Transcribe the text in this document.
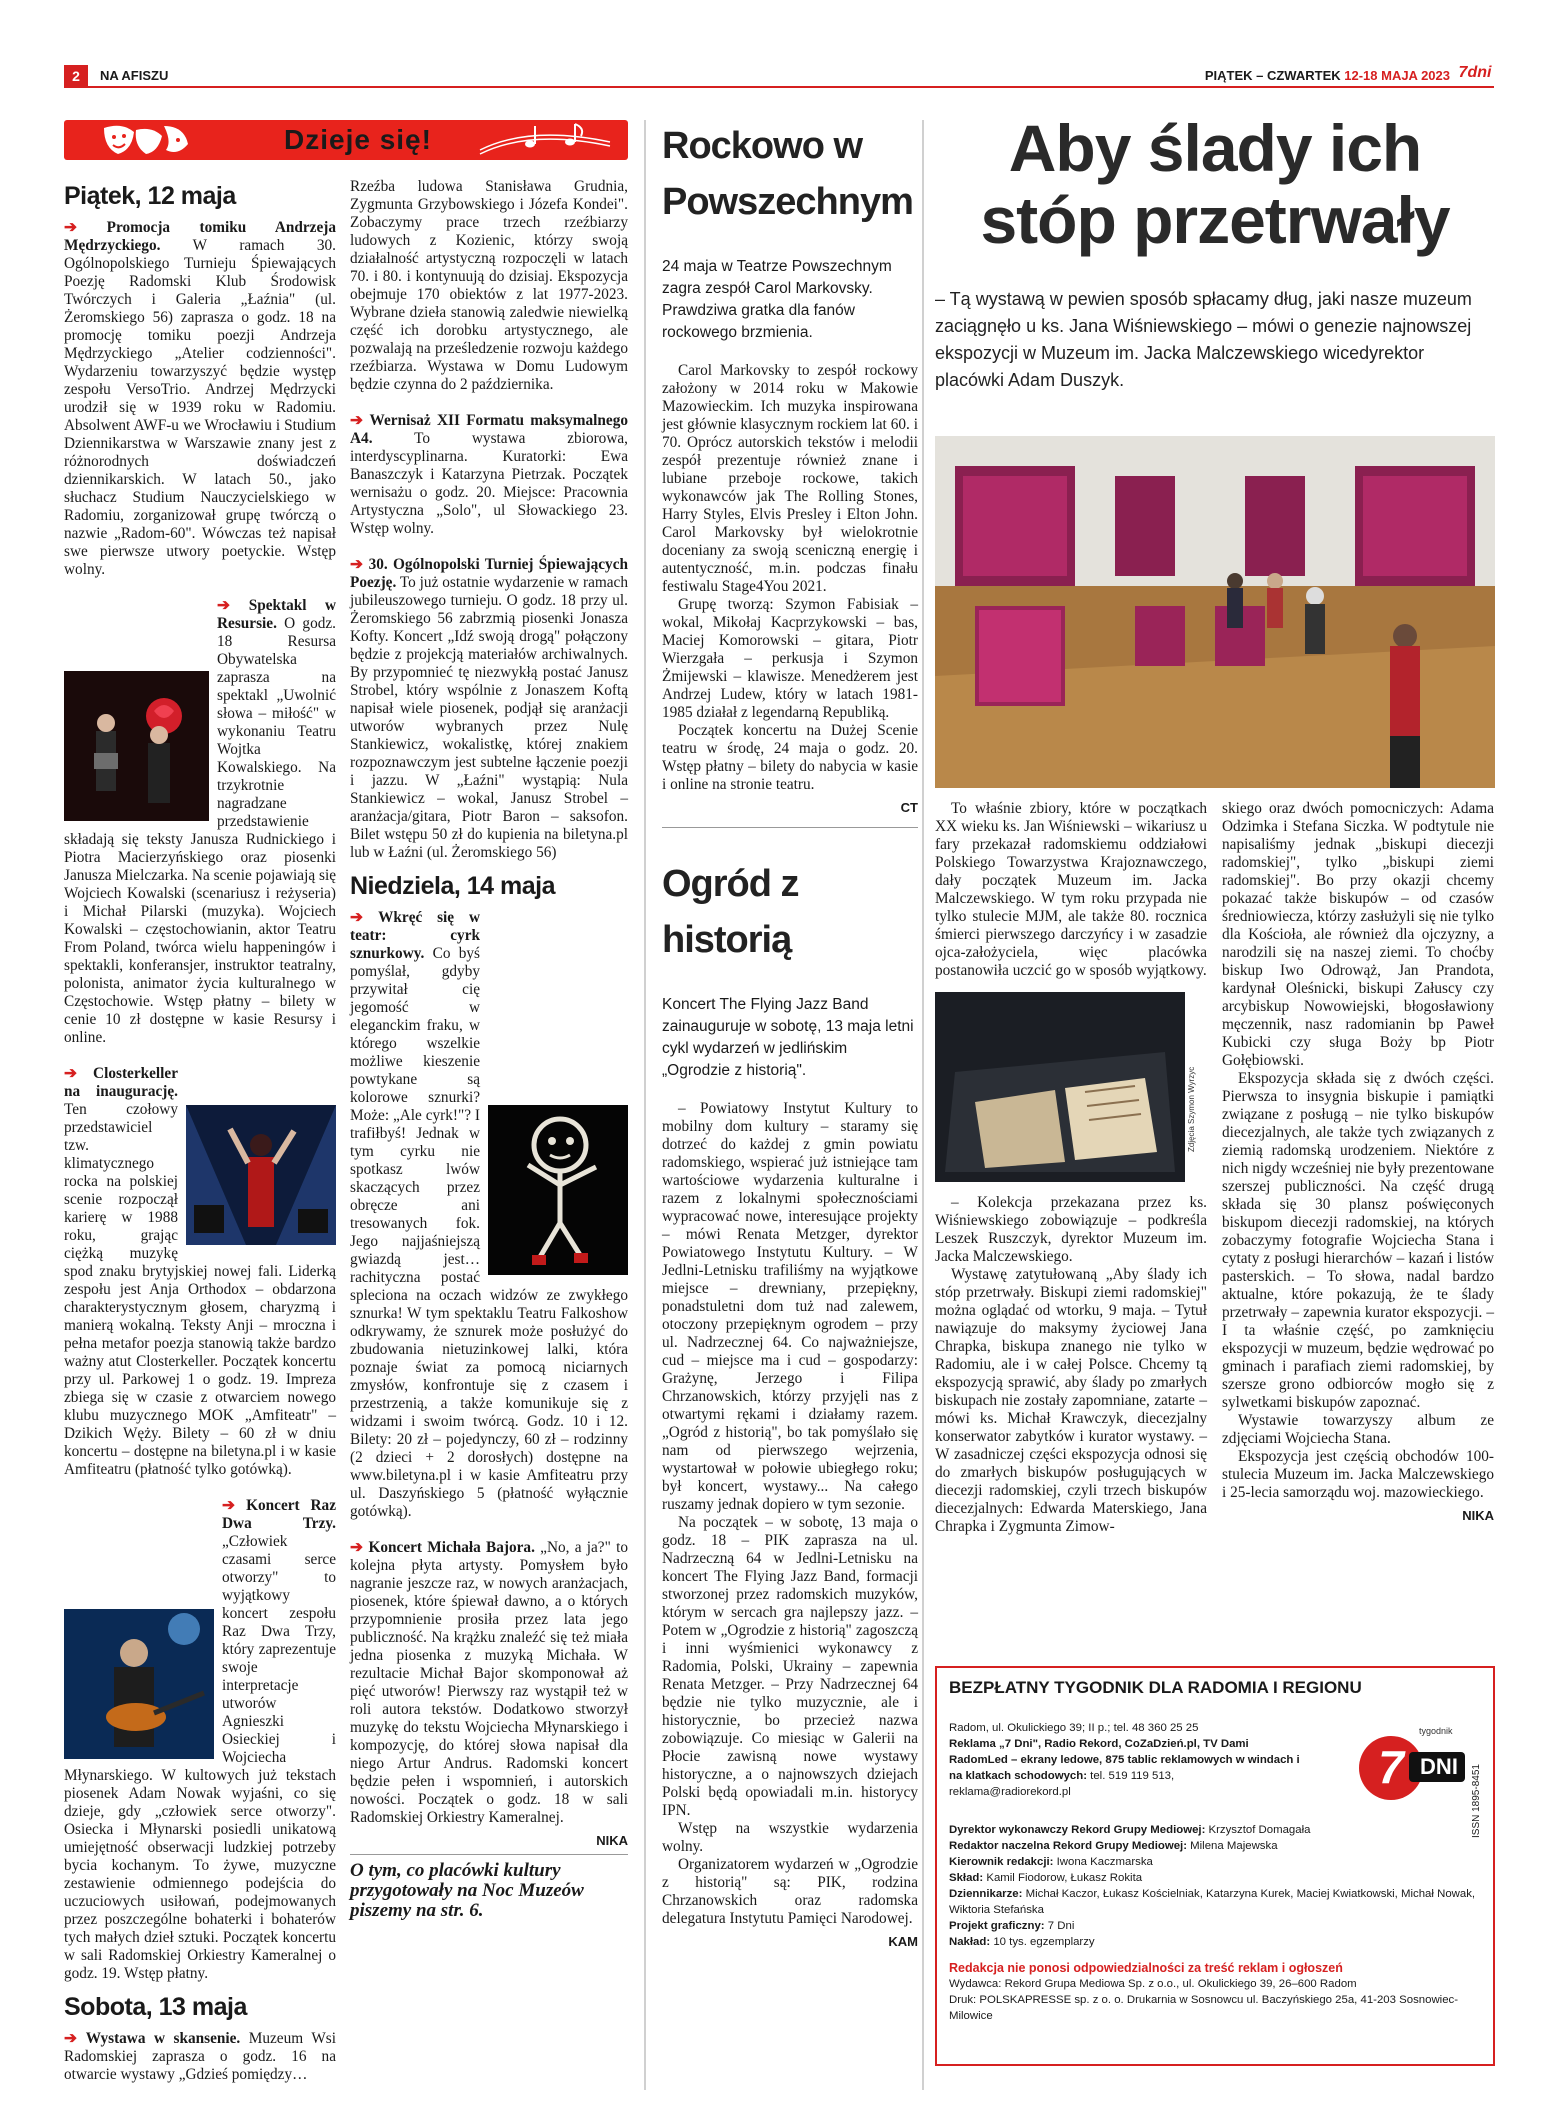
2	NA AFISZU	PIĄTEK – CZWARTEK 12-18 MAJA 2023 7dni
Dzieje się!
Piątek, 12 maja

➔ Promocja tomiku Andrzeja Mędrzyckiego. W ramach 30. Ogólnopolskiego Turnieju Śpiewających Poezję Radomski Klub Środowisk Twórczych i Galeria „Łaźnia" (ul. Żeromskiego 56) zaprasza o godz. 18 na promocję tomiku poezji Andrzeja Mędrzyckiego „Atelier codzienności". Wydarzeniu towarzyszyć będzie występ zespołu VersoTrio. Andrzej Mędrzycki urodził się w 1939 roku w Radomiu. Absolwent AWF-u we Wrocławiu i Studium Dziennikarstwa w Warszawie znany jest z różnorodnych doświadczeń dziennikarskich. W latach 50., jako słuchacz Studium Nauczycielskiego w Radomiu, zorganizował grupę twórczą o nazwie „Radom-60". Wówczas też napisał swe pierwsze utwory poetyckie. Wstęp wolny.

➔ Spektakl w Resursie. O godz. 18 Resursa Obywatelska zaprasza na spektakl „Uwolnić słowa – miłość" w wykonaniu Teatru Wojtka Kowalskiego. Na trzykrotnie nagradzane przedstawienie składają się teksty Janusza Rudnickiego i Piotra Macierzyńskiego oraz piosenki Janusza Mielczarka. Na scenie pojawiają się Wojciech Kowalski (scenariusz i reżyseria) i Michał Pilarski (muzyka). Wojciech Kowalski – częstochowianin, aktor Teatru From Poland, twórca wielu happeningów i spektakli, konferansjer, instruktor teatralny, polonista, animator życia kulturalnego w Częstochowie. Wstęp płatny – bilety w cenie 10 zł dostępne w kasie Resursy i online.

➔ Closterkeller na inaugurację. Ten czołowy przedstawiciel tzw. klimatycznego rocka na polskiej scenie rozpoczął karierę w 1988 roku, grając ciężką muzykę spod znaku brytyjskiej nowej fali. Liderką zespołu jest Anja Orthodox – obdarzona charakterystycznym głosem, charyzmą i manierą wokalną. Teksty Anji – mroczna i pełna metafor poezja stanowią także bardzo ważny atut Closterkeller. Początek koncertu przy ul. Parkowej 1 o godz. 19. Impreza zbiega się w czasie z otwarciem nowego klubu muzycznego MOK „Amfiteatr" – Dzikich Węży. Bilety – 60 zł w dniu koncertu – dostępne na biletyna.pl i w kasie Amfiteatru (płatność tylko gotówką).

➔ Koncert Raz Dwa Trzy. „Człowiek czasami serce otworzy" to wyjątkowy koncert zespołu Raz Dwa Trzy, który zaprezentuje swoje interpretacje utworów Agnieszki Osieckiej i Wojciecha Młynarskiego. W kultowych już tekstach piosenek Adam Nowak wyjaśni, co się dzieje, gdy „człowiek serce otworzy". Osiecka i Młynarski posiedli unikatową umiejętność obserwacji ludzkiej potrzeby bycia kochanym. To żywe, muzyczne zestawienie odmiennego podejścia do uczuciowych usiłowań, podejmowanych przez poszczególne bohaterki i bohaterów tych małych dzieł sztuki. Początek koncertu w sali Radomskiej Orkiestry Kameralnej o godz. 19. Wstęp płatny.

Sobota, 13 maja

➔ Wystawa w skansenie. Muzeum Wsi Radomskiej zaprasza o godz. 16 na otwarcie wystawy „Gdzieś pomiędzy…

Rzeźba ludowa Stanisława Grudnia, Zygmunta Grzybowskiego i Józefa Kondei". Zobaczymy prace trzech rzeźbiarzy ludowych z Kozienic, którzy swoją działalność artystyczną rozpoczęli w latach 70. i 80. i kontynuują do dzisiaj. Ekspozycja obejmuje 170 obiektów z lat 1977-2023. Wybrane dzieła stanowią zaledwie niewielką część ich dorobku artystycznego, ale pozwalają na prześledzenie rozwoju każdego rzeźbiarza. Wystawa w Domu Ludowym będzie czynna do 2 października.

➔ Wernisaż XII Formatu maksymalnego A4. To wystawa zbiorowa, interdyscyplinarna. Kuratorki: Ewa Banaszczyk i Katarzyna Pietrzak. Początek wernisażu o godz. 20. Miejsce: Pracownia Artystyczna „Solo", ul Słowackiego 23. Wstęp wolny.

➔ 30. Ogólnopolski Turniej Śpiewających Poezję. To już ostatnie wydarzenie w ramach jubileuszowego turnieju. O godz. 18 przy ul. Żeromskiego 56 zabrzmią piosenki Jonasza Kofty. Koncert „Idź swoją drogą" połączony będzie z projekcją materiałów archiwalnych. By przypomnieć tę niezwykłą postać Janusz Strobel, który wspólnie z Jonaszem Koftą napisał wiele piosenek, podjął się aranżacji utworów wybranych przez Nulę Stankiewicz, wokalistkę, której znakiem rozpoznawczym jest subtelne łączenie poezji i jazzu. W „Łaźni" wystąpią: Nula Stankiewicz – wokal, Janusz Strobel – aranżacja/gitara, Piotr Baron – saksofon. Bilet wstępu 50 zł do kupienia na biletyna.pl lub w Łaźni (ul. Żeromskiego 56)

Niedziela, 14 maja

➔ Wkręć się w teatr: cyrk sznurkowy. Co byś pomyślał, gdyby przywitał cię jegomość w eleganckim fraku, w którego wszelkie możliwe kieszenie powtykane są kolorowe sznurki? Może: „Ale cyrk!"? I trafiłbyś! Jednak w tym cyrku nie spotkasz lwów skaczących przez obręcze ani tresowanych fok. Jego najjaśniejszą gwiazdą jest… rachityczna postać spleciona na oczach widzów ze zwykłego sznurka! W tym spektaklu Teatru Falkoshow odkrywamy, że sznurek może posłużyć do zbudowania nietuzinkowej lalki, która poznaje świat za pomocą niciarnych zmysłów, konfrontuje się z czasem i przestrzenią, a także komunikuje się z widzami i swoim twórcą. Godz. 10 i 12. Bilety: 20 zł – pojedynczy, 60 zł – rodzinny (2 dzieci + 2 dorosłych) dostępne na www.biletyna.pl i w kasie Amfiteatru przy ul. Daszyńskiego 5 (płatność wyłącznie gotówką).

➔ Koncert Michała Bajora. „No, a ja?" to kolejna płyta artysty. Pomysłem było nagranie jeszcze raz, w nowych aranżacjach, piosenek, które śpiewał dawno, a o których przypomnienie prosiła przez lata jego publiczność. Na krążku znaleźć się też miała jedna piosenka z muzyką Michała. W rezultacie Michał Bajor skomponował aż pięć utworów! Pierwszy raz wystąpił też w roli autora tekstów. Dodatkowo stworzył muzykę do tekstu Wojciecha Młynarskiego i kompozycję, do której słowa napisał dla niego Artur Andrus. Radomski koncert będzie pełen i wspomnień, i autorskich nowości. Początek o godz. 18 w sali Radomskiej Orkiestry Kameralnej.

NIKA
O tym, co placówki kultury przygotowały na Noc Muzeów piszemy na str. 6.
Rockowo w Powszechnym
24 maja w Teatrze Powszechnym zagra zespół Carol Markovsky. Prawdziwa gratka dla fanów rockowego brzmienia.

Carol Markovsky to zespół rockowy założony w 2014 roku w Makowie Mazowieckim. Ich muzyka inspirowana jest głównie klasycznym rockiem lat 60. i 70. Oprócz autorskich tekstów i melodii zespół prezentuje również znane i lubiane przeboje rockowe, takich wykonawców jak The Rolling Stones, Harry Styles, Elvis Presley i Elton John. Carol Markovsky był wielokrotnie doceniany za swoją sceniczną energię i autentyczność, m.in. podczas finału festiwalu Stage4You 2021.

Grupę tworzą: Szymon Fabisiak – wokal, Mikołaj Kacprzykowski – bas, Maciej Komorowski – gitara, Piotr Wierzgała – perkusja i Szymon Żmijewski – klawisze. Menedżerem jest Andrzej Ludew, który w latach 1981-1985 działał z legendarną Republiką.

Początek koncertu na Dużej Scenie teatru w środę, 24 maja o godz. 20. Wstęp płatny – bilety do nabycia w kasie i online na stronie teatru.

CT
Ogród z historią
Koncert The Flying Jazz Band zainauguruje w sobotę, 13 maja letni cykl wydarzeń w jedlińskim „Ogrodzie z historią".

– Powiatowy Instytut Kultury to mobilny dom kultury – staramy się dotrzeć do każdej z gmin powiatu radomskiego, wspierać już istniejące tam wartościowe wydarzenia kulturalne i razem z lokalnymi społecznościami wypracować nowe, interesujące projekty – mówi Renata Metzger, dyrektor Powiatowego Instytutu Kultury. – W Jedlni-Letnisku trafiliśmy na wyjątkowe miejsce – drewniany, przepiękny, ponadstuletni dom tuż nad zalewem, otoczony przepięknym ogrodem – przy ul. Nadrzecznej 64. Co najważniejsze, cud – miejsce ma i cud – gospodarzy: Grażynę, Jerzego i Filipa Chrzanowskich, którzy przyjęli nas z otwartymi rękami i działamy razem. „Ogród z historią", bo tak pomyślało się nam od pierwszego wejrzenia, wystartował w połowie ubiegłego roku; był koncert, wystawy... Na całego ruszamy jednak dopiero w tym sezonie.

Na początek – w sobotę, 13 maja o godz. 18 – PIK zaprasza na ul. Nadrzeczną 64 w Jedlni-Letnisku na koncert The Flying Jazz Band, formacji stworzonej przez radomskich muzyków, którym w sercach gra najlepszy jazz. – Potem w „Ogrodzie z historią" zagoszczą i inni wyśmienici wykonawcy z Radomia, Polski, Ukrainy – zapewnia Renata Metzger. – Przy Nadrzecznej 64 będzie nie tylko muzycznie, ale i historycznie, bo przecież nazwa zobowiązuje. Co miesiąc w Galerii na Płocie zawisną nowe wystawy historyczne, a o najnowszych dziejach Polski będą opowiadali m.in. historycy IPN.

Wstęp na wszystkie wydarzenia wolny.

Organizatorem wydarzeń w „Ogrodzie z historią" są: PIK, rodzina Chrzanowskich oraz radomska delegatura Instytutu Pamięci Narodowej.

KAM
Aby ślady ich stóp przetrwały
– Tą wystawą w pewien sposób spłacamy dług, jaki nasze muzeum zaciągnęło u ks. Jana Wiśniewskiego – mówi o genezie najnowszej ekspozycji w Muzeum im. Jacka Malczewskiego wicedyrektor placówki Adam Duszyk.

To właśnie zbiory, które w początkach XX wieku ks. Jan Wiśniewski – wikariusz u fary przekazał radomskiemu oddziałowi Polskiego Towarzystwa Krajoznawczego, dały początek Muzeum im. Jacka Malczewskiego. W tym roku przypada nie tylko stulecie MJM, ale także 80. rocznica śmierci pierwszego darczyńcy i w zasadzie ojca-założyciela, więc placówka postanowiła uczcić go w sposób wyjątkowy.

Zdjęcia Szymon Wyrzyc

– Kolekcja przekazana przez ks. Wiśniewskiego zobowiązuje – podkreśla Leszek Ruszczyk, dyrektor Muzeum im. Jacka Malczewskiego.

Wystawę zatytułowaną „Aby ślady ich stóp przetrwały. Biskupi ziemi radomskiej" można oglądać od wtorku, 9 maja. – Tytuł nawiązuje do maksymy życiowej Jana Chrapka, biskupa znanego nie tylko w Radomiu, ale i w całej Polsce. Chcemy tą ekspozycją sprawić, aby ślady po zmarłych biskupach nie zostały zapomniane, zatarte – mówi ks. Michał Krawczyk, diecezjalny konserwator zabytków i kurator wystawy. – W zasadniczej części ekspozycja odnosi się do zmarłych biskupów posługujących w diecezji radomskiej, czyli trzech biskupów diecezjalnych: Edwarda Materskiego, Jana Chrapka i Zygmunta Zimow-

skiego oraz dwóch pomocniczych: Adama Odzimka i Stefana Siczka. W podtytule nie napisaliśmy jednak „biskupi diecezji radomskiej", tylko „biskupi ziemi radomskiej". Bo przy okazji chcemy pokazać także biskupów – od czasów średniowiecza, którzy zasłużyli się nie tylko dla Kościoła, ale również dla ojczyzny, a narodzili się na naszej ziemi. To choćby biskup Iwo Odrowąż, Jan Prandota, kardynał Oleśnicki, biskupi Załuscy czy arcybiskup Nowowiejski, błogosławiony męczennik, nasz radomianin bp Paweł Kubicki czy sługa Boży bp Piotr Gołębiowski.

Ekspozycja składa się z dwóch części. Pierwsza to insygnia biskupie i pamiątki związane z posługą – nie tylko biskupów diecezjalnych, ale także tych związanych z ziemią radomską urodzeniem. Niektóre z nich nigdy wcześniej nie były prezentowane szerszej publiczności. Na część drugą składa się 30 plansz poświęconych biskupom diecezji radomskiej, na których zobaczymy fotografie Wojciecha Stana i cytaty z posługi hierarchów – kazań i listów pasterskich. – To słowa, nadal bardzo aktualne, które pokazują, że te ślady przetrwały – zapewnia kurator ekspozycji. – I ta właśnie część, po zamknięciu ekspozycji w muzeum, będzie wędrować po gminach i parafiach ziemi radomskiej, by szersze grono odbiorców mogło się z sylwetkami biskupów zapoznać.

Wystawie towarzyszy album ze zdjęciami Wojciecha Stana.

Ekspozycja jest częścią obchodów 100-stulecia Muzeum im. Jacka Malczewskiego i 25-lecia samorządu woj. mazowieckiego.

NIKA
BEZPŁATNY TYGODNIK DLA RADOMIA I REGIONU
Radom, ul. Okulickiego 39; II p.; tel. 48 360 25 25
Reklama „7 Dni", Radio Rekord, CoZaDzień.pl, TV Dami RadomLed – ekrany ledowe, 875 tablic reklamowych w windach i na klatkach schodowych: tel. 519 119 513,
reklama@radiorekord.pl
Dyrektor wykonawczy Rekord Grupy Mediowej: Krzysztof Domagała
Redaktor naczelna Rekord Grupy Mediowej: Milena Majewska
Kierownik redakcji: Iwona Kaczmarska
Skład: Kamil Fiodorow, Łukasz Rokita
Dziennikarze: Michał Kaczor, Łukasz Kościelniak, Katarzyna Kurek, Maciej Kwiatkowski, Michał Nowak, Wiktoria Stefańska
Projekt graficzny: 7 Dni
Nakład: 10 tys. egzemplarzy
Redakcja nie ponosi odpowiedzialności za treść reklam i ogłoszeń
Wydawca: Rekord Grupa Mediowa Sp. z o.o., ul. Okulickiego 39, 26–600 Radom
Druk: POLSKAPRESSE sp. z o. o. Drukarnia w Sosnowcu ul. Baczyńskiego 25a, 41-203 Sosnowiec-Milowice
tygodnik
7 DNI	ISSN 1895-8451
